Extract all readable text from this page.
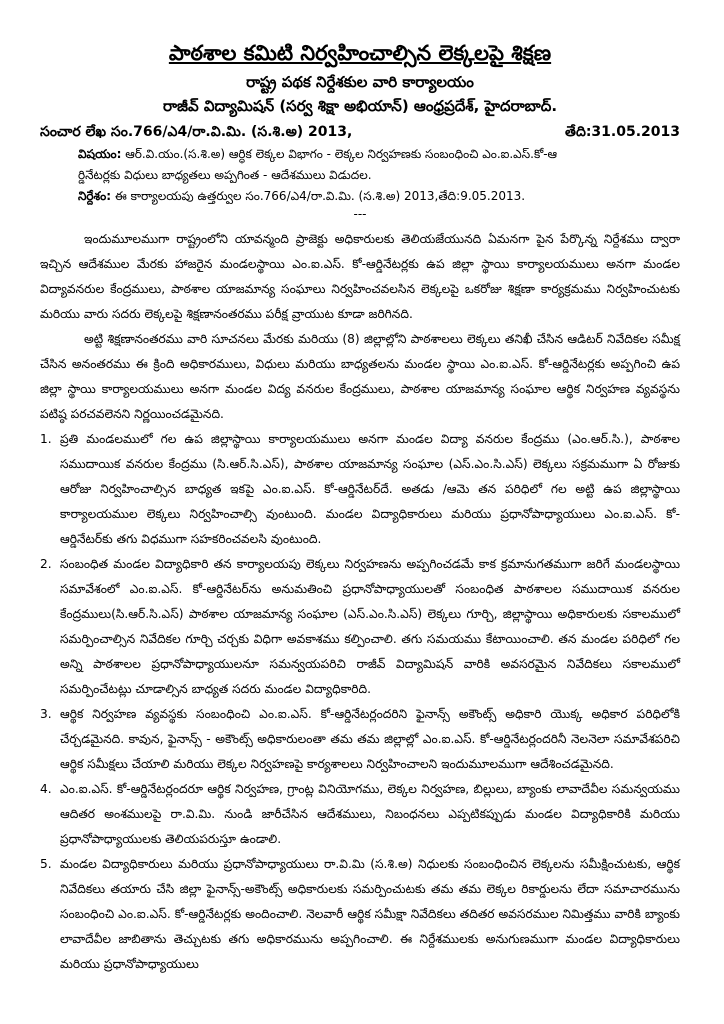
పాఠశాల కమిటి నిర్వహించాల్సిన లెక్కలపై శిక్షణ
రాష్ట్ర పథక నిర్దేశకుల వారి కార్యాలయం
రాజీవ్ విద్యామిషన్ (సర్వ శిక్షా అభియాన్) ఆంధ్రప్రదేశ్, హైదరాబాద్.
సంచార లేఖ సం.766/ఎ4/రా.వి.మి. (స.శి.అ) 2013,	తేది:31.05.2013
విషయం: ఆర్.వి.యం.(స.శి.అ) ఆర్ధిక లెక్కల విభాగం - లెక్కల నిర్వహణకు సంబంధించి ఎం.ఐ.ఎస్.కో-ఆ
ర్డినేటర్లకు విధులు బాధ్యతలు అప్పగింత - ఆదేశములు విడుదల.
నిర్దేశం: ఈ కార్యాలయపు ఉత్తర్వుల సం.766/ఎ4/రా.వి.మి. (స.శి.అ) 2013,తేది:9.05.2013.
---

ఇందుమూలముగా రాష్ట్రంలోని యావన్మంది ప్రాజెక్టు అధికారులకు తెలియజేయునది ఏమనగా పైన పేర్కొన్న నిర్దేశము ద్వారా ఇచ్చిన ఆదేశముల మేరకు హాజరైన మండలస్థాయి ఎం.ఐ.ఎస్. కో-ఆర్డినేటర్లకు ఉప జిల్లా స్థాయి కార్యాలయములు అనగా మండల విద్యావనరుల కేంద్రములు, పాఠశాల యాజమాన్య సంఘాలు నిర్వహించవలసిన లెక్కలపై ఒకరోజు శిక్షణా కార్యక్రమము నిర్వహించుటకు మరియు వారు సదరు లెక్కలపై శిక్షణానంతరము పరీక్ష వ్రాయుట కూడా జరిగినది.

అట్టి శిక్షణానంతరము వారి సూచనలు మేరకు మరియు (8) జిల్లాల్లోని పాఠశాలలు లెక్కలు తనిఖీ చేసిన ఆడిటర్ నివేదికల సమీక్ష చేసిన అనంతరము ఈ క్రింది అధికారములు, విధులు మరియు బాధ్యతలను మండల స్థాయి ఎం.ఐ.ఎస్. కో-ఆర్డినేటర్లకు అప్పగించి ఉప జిల్లా స్థాయి కార్యాలయములు అనగా మండల విద్య వనరుల కేంద్రములు, పాఠశాల యాజమాన్య సంఘాల ఆర్థిక నిర్వహణ వ్యవస్థను పటిష్ఠ పరచవలెనని నిర్ణయించడమైనది.

1. ప్రతి మండలములో గల ఉప జిల్లాస్థాయి కార్యాలయములు అనగా మండల విద్యా వనరుల కేంద్రము (ఎం.ఆర్.సి.), పాఠశాల సముదాయిక వనరుల కేంద్రము (సి.ఆర్.సి.ఎస్), పాఠశాల యాజమాన్య సంఘాల (ఎస్.ఎం.సి.ఎస్) లెక్కలు సక్రమముగా ఏ రోజుకు ఆరోజు నిర్వహించాల్సిన బాధ్యత ఇకపై ఎం.ఐ.ఎస్. కో-ఆర్డినేటర్‌దే. అతడు /ఆమె తన పరిధిలో గల అట్టి ఉప జిల్లాస్థాయి కార్యాలయముల లెక్కలు నిర్వహించాల్సి వుంటుంది. మండల విద్యాధికారులు మరియు ప్రధానోపాధ్యాయులు ఎం.ఐ.ఎస్. కో-ఆర్డినేటర్‌కు తగు విధముగా సహకరించవలసి వుంటుంది.
2. సంబంధిత మండల విద్యాధికారి తన కార్యాలయపు లెక్కలు నిర్వహణను అప్పగించడమే కాక క్రమానుగతముగా జరిగే మండలస్థాయి సమావేశంలో ఎం.ఐ.ఎస్. కో-ఆర్డినేటర్‌ను అనుమతించి ప్రధానోపాధ్యాయులతో సంబంధిత పాఠశాలల సముదాయిక వనరుల కేంద్రములు(సి.ఆర్.సి.ఎస్) పాఠశాల యాజమాన్య సంఘాల (ఎస్.ఎం.సి.ఎస్) లెక్కలు గూర్చి, జిల్లాస్థాయి అధికారులకు సకాలములో సమర్పించాల్సిన నివేదికల గూర్చి చర్చకు విధిగా అవకాశము కల్పించాలి. తగు సమయము కేటాయించాలి. తన మండల పరిధిలో గల అన్ని పాఠశాలల ప్రధానోపాధ్యాయులనూ సమన్వయపరిచి రాజీవ్ విద్యామిషన్ వారికి అవసరమైన నివేదికలు సకాలములో సమర్పించేటట్లు చూడాల్సిన బాధ్యత సదరు మండల విద్యాధికారిది.
3. ఆర్థిక నిర్వహణ వ్యవస్థకు సంబంధించి ఎం.ఐ.ఎస్. కో-ఆర్డినేటర్లందరిని ఫైనాన్స్ అకౌంట్స్ అధికారి యొక్క అధికార పరిధిలోకి చేర్చడమైనది. కావున, ఫైనాన్స్ - అకౌంట్స్ అధికారులంతా తమ తమ జిల్లాల్లో ఎం.ఐ.ఎస్. కో-ఆర్డినేటర్లందరినీ నెలనెలా సమావేశపరిచి ఆర్థిక సమీక్షలు చేయాలి మరియు లెక్కల నిర్వహణపై కార్యశాలలు నిర్వహించాలని ఇందుమూలముగా ఆదేశించడమైనది.
4. ఎం.ఐ.ఎస్. కో-ఆర్డినేటర్లందరూ ఆర్థిక నిర్వహణ, గ్రాంట్ల వినియోగము, లెక్కల నిర్వహణ, బిల్లులు, బ్యాంకు లావాదేవీల సమన్వయము ఆదితర అంశములపై రా.వి.మి. నుండి జారీచేసిన ఆదేశములు, నిబంధనలు ఎప్పటికప్పుడు మండల విద్యాధికారికి మరియు ప్రధానోపాధ్యాయులకు తెలియపరుస్తూ ఉండాలి.
5. మండల విద్యాధికారులు మరియు ప్రధానోపాధ్యాయులు రా.వి.మి (స.శి.అ) నిధులకు సంబంధించిన లెక్కలను సమీక్షించుటకు, ఆర్థిక నివేదికలు తయారు చేసి జిల్లా ఫైనాన్స్-అకౌంట్స్ అధికారులకు సమర్పించుటకు తమ తమ లెక్కల రికార్డులను లేదా సమాచారమును సంబంధించి ఎం.ఐ.ఎస్. కో-ఆర్డినేటర్లకు అందించాలి. నెలవారీ ఆర్థిక సమీక్షా నివేదికలు తదితర అవసరముల నిమిత్తము వారికి బ్యాంకు లావాదేవీల జాబితాను తెచ్చుటకు తగు అధికారమును అప్పగించాలి. ఈ నిర్దేశములకు అనుగుణముగా మండల విద్యాధికారులు మరియు ప్రధానోపాధ్యాయులు
